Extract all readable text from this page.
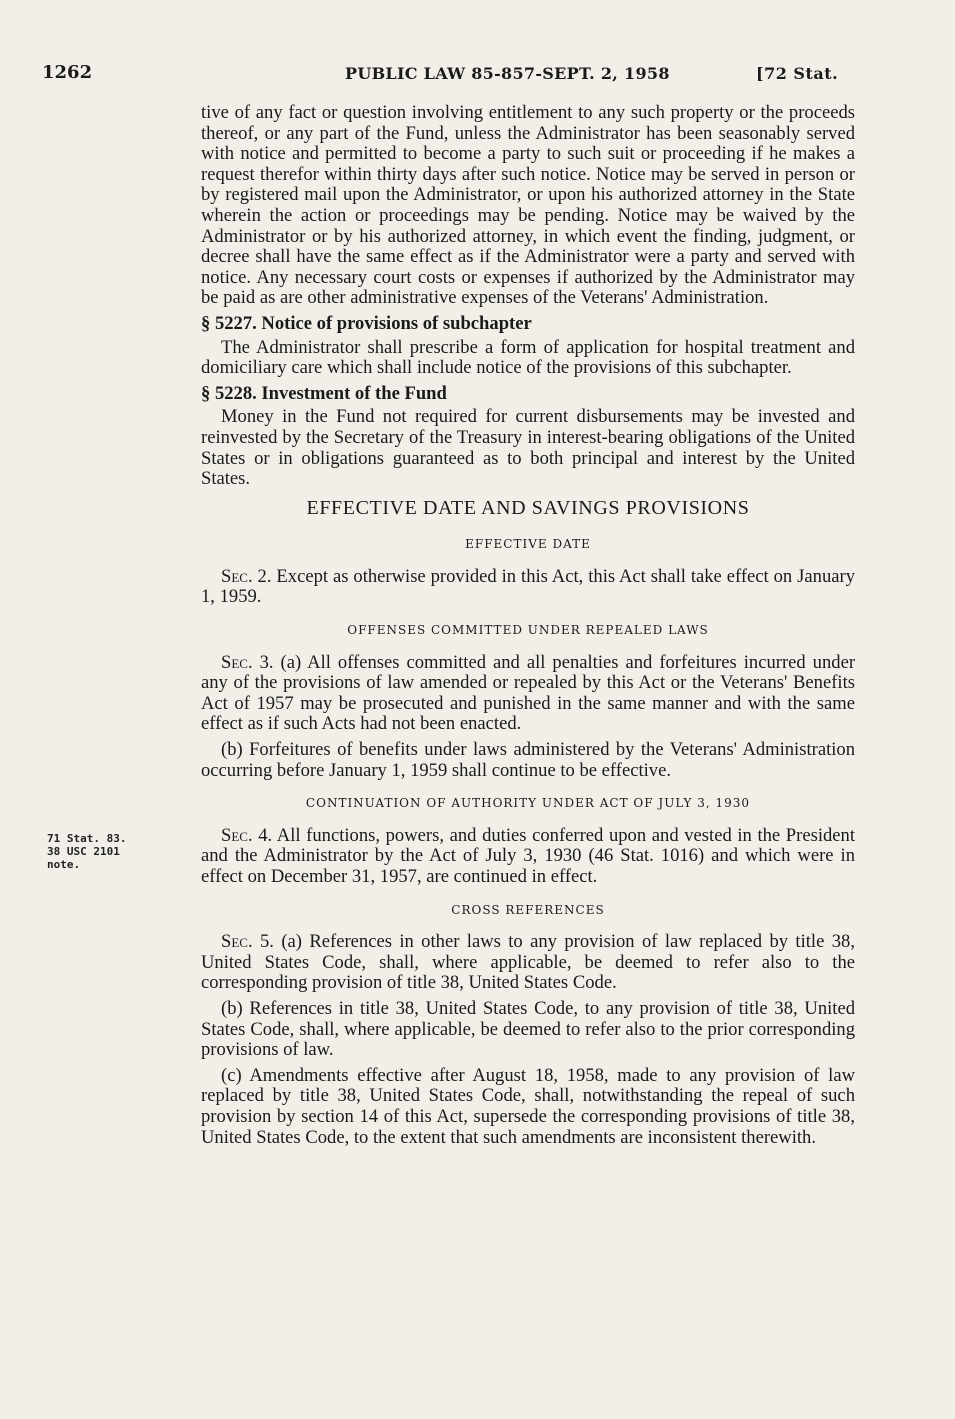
1262	PUBLIC LAW 85-857-SEPT. 2, 1958	[72 Stat.
71 Stat. 83.
38 USC 2101
note.

tive of any fact or question involving entitlement to any such property or the proceeds thereof, or any part of the Fund, unless the Administrator has been seasonably served with notice and permitted to become a party to such suit or proceeding if he makes a request therefor within thirty days after such notice. Notice may be served in person or by registered mail upon the Administrator, or upon his authorized attorney in the State wherein the action or proceedings may be pending. Notice may be waived by the Administrator or by his authorized attorney, in which event the finding, judgment, or decree shall have the same effect as if the Administrator were a party and served with notice. Any necessary court costs or expenses if authorized by the Administrator may be paid as are other administrative expenses of the Veterans' Administration.

§ 5227. Notice of provisions of subchapter

The Administrator shall prescribe a form of application for hospital treatment and domiciliary care which shall include notice of the provisions of this subchapter.

§ 5228. Investment of the Fund

Money in the Fund not required for current disbursements may be invested and reinvested by the Secretary of the Treasury in interest-bearing obligations of the United States or in obligations guaranteed as to both principal and interest by the United States.

EFFECTIVE DATE AND SAVINGS PROVISIONS
EFFECTIVE DATE

Sec. 2. Except as otherwise provided in this Act, this Act shall take effect on January 1, 1959.

OFFENSES COMMITTED UNDER REPEALED LAWS

Sec. 3. (a) All offenses committed and all penalties and forfeitures incurred under any of the provisions of law amended or repealed by this Act or the Veterans' Benefits Act of 1957 may be prosecuted and punished in the same manner and with the same effect as if such Acts had not been enacted.

(b) Forfeitures of benefits under laws administered by the Veterans' Administration occurring before January 1, 1959 shall continue to be effective.

CONTINUATION OF AUTHORITY UNDER ACT OF JULY 3, 1930

Sec. 4. All functions, powers, and duties conferred upon and vested in the President and the Administrator by the Act of July 3, 1930 (46 Stat. 1016) and which were in effect on December 31, 1957, are continued in effect.

CROSS REFERENCES

Sec. 5. (a) References in other laws to any provision of law replaced by title 38, United States Code, shall, where applicable, be deemed to refer also to the corresponding provision of title 38, United States Code.

(b) References in title 38, United States Code, to any provision of title 38, United States Code, shall, where applicable, be deemed to refer also to the prior corresponding provisions of law.

(c) Amendments effective after August 18, 1958, made to any provision of law replaced by title 38, United States Code, shall, notwithstanding the repeal of such provision by section 14 of this Act, supersede the corresponding provisions of title 38, United States Code, to the extent that such amendments are inconsistent therewith.
